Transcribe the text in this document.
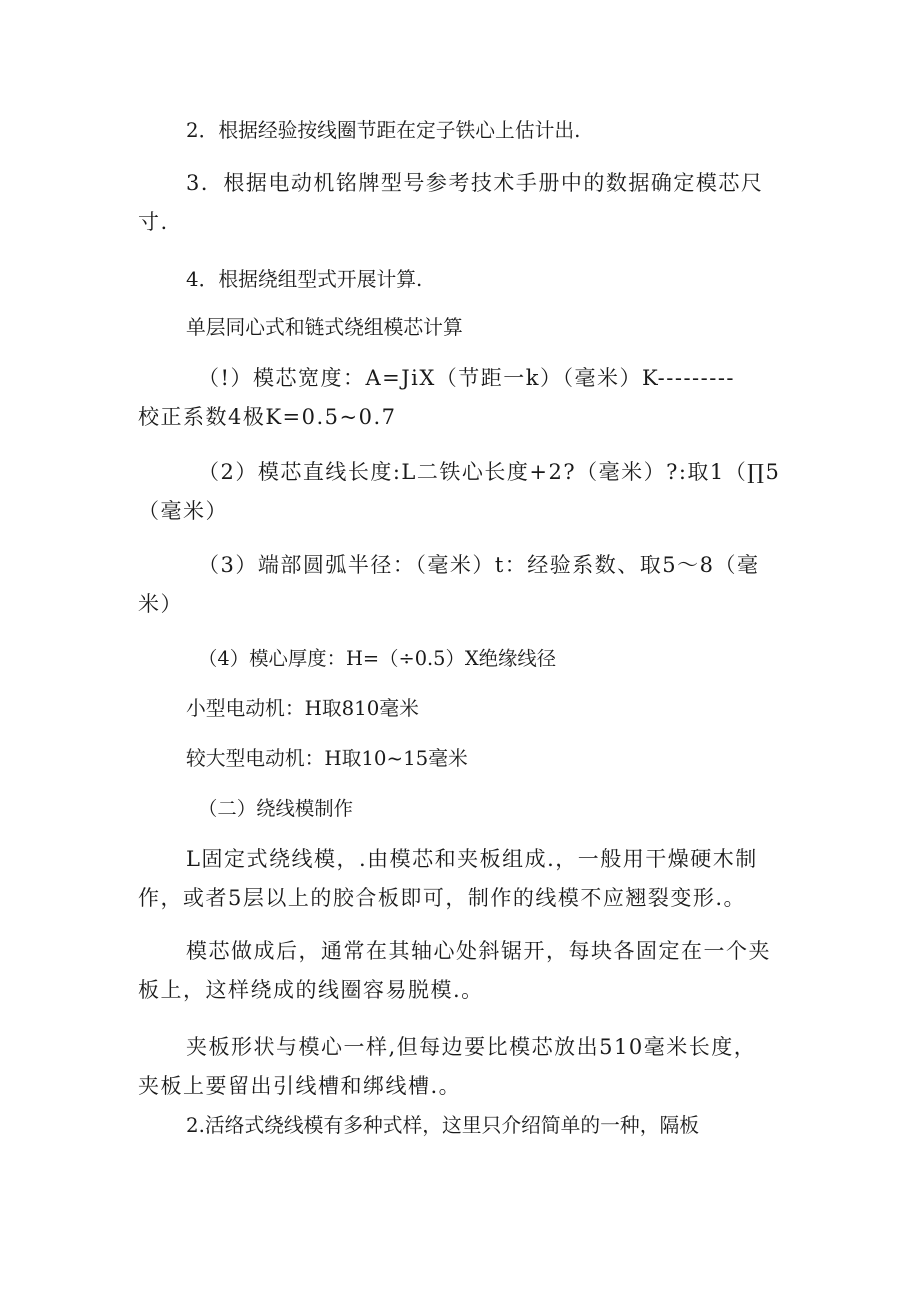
2．根据经验按线圈节距在定子铁心上估计出.
3．根据电动机铭牌型号参考技术手册中的数据确定模芯尺
寸.
4．根据绕组型式开展计算.
单层同心式和链式绕组模芯计算
（!）模芯宽度：A=JiX（节距一k）（毫米）K---------
校正系数4极K=0.5~0.7
（2）模芯直线长度:L二铁心长度+2?（毫米）?:取1（∏5
（毫米）
（3）端部圆弧半径：（毫米）t：经验系数、取5～8（毫
米）
（4）模心厚度：H=（÷0.5）X绝缘线径
小型电动机：H取810毫米
较大型电动机：H取10~15毫米
（二）绕线模制作
L固定式绕线模，.由模芯和夹板组成.，一般用干燥硬木制
作，或者5层以上的胶合板即可，制作的线模不应翘裂变形.。
模芯做成后，通常在其轴心处斜锯开，每块各固定在一个夹
板上，这样绕成的线圈容易脱模.。
夹板形状与模心一样,但每边要比模芯放出510毫米长度，
夹板上要留出引线槽和绑线槽.。
2.活络式绕线模有多种式样，这里只介绍简单的一种，隔板
